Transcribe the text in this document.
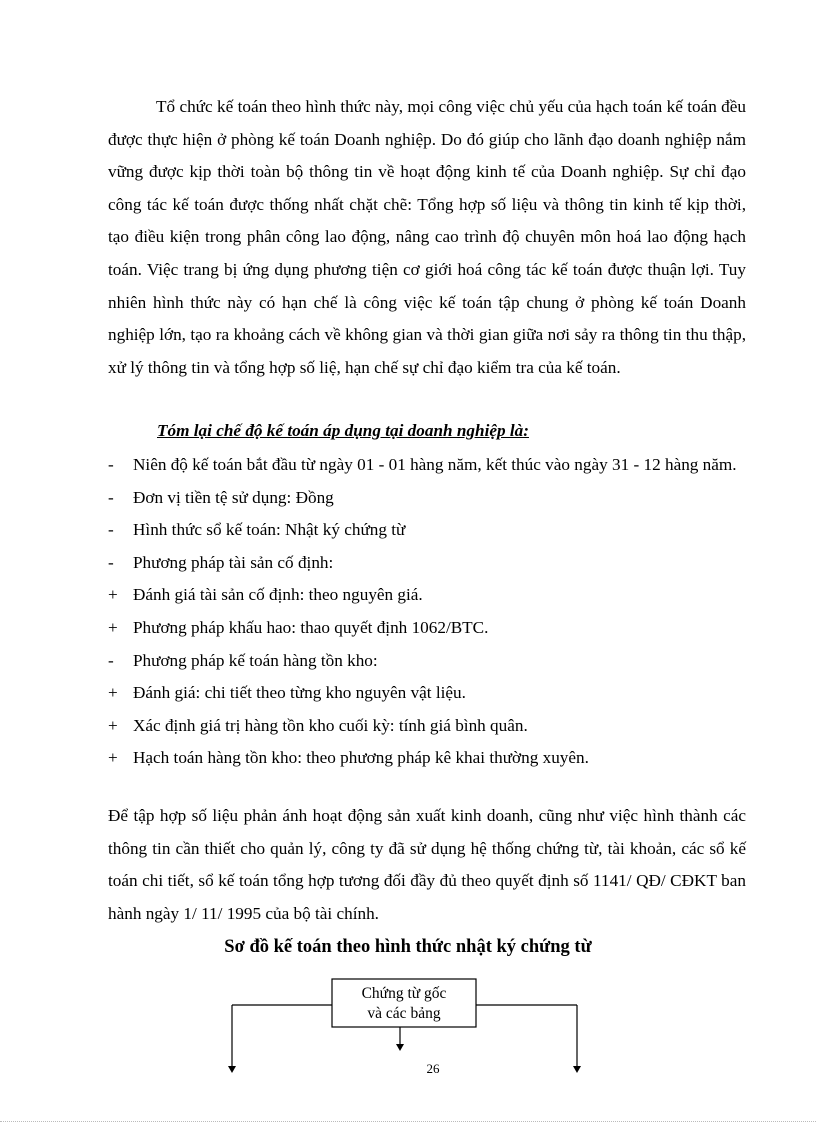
Tổ chức kế toán theo hình thức này, mọi công việc chủ yếu của hạch toán kế toán đều được thực hiện ở phòng kế toán Doanh nghiệp. Do đó giúp cho lãnh đạo doanh nghiệp nắm vững được kịp thời toàn bộ thông tin về hoạt động kinh tế của Doanh nghiệp. Sự chỉ đạo công tác kế toán được thống nhất chặt chẽ: Tổng hợp số liệu và thông tin kinh tế kịp thời, tạo điều kiện trong phân công lao động, nâng cao trình độ chuyên môn hoá lao động hạch toán. Việc trang bị ứng dụng phương tiện cơ giới hoá công tác kế toán được thuận lợi. Tuy nhiên hình thức này có hạn chế là công việc kế toán tập chung ở phòng kế toán Doanh nghiệp lớn, tạo ra khoảng cách về không gian và thời gian giữa nơi sảy ra thông tin thu thập, xử lý thông tin và tổng hợp số liệ, hạn chế sự chỉ đạo kiểm tra của kế toán.
Tóm lại chế độ kế toán áp dụng tại doanh nghiệp là:
-	Niên độ kế toán bắt đầu từ ngày 01 - 01 hàng năm, kết thúc vào ngày 31 - 12 hàng năm.
-	Đơn vị tiền tệ sử dụng: Đồng
-	Hình thức sổ kế toán: Nhật ký chứng từ
-	Phương pháp tài sản cố định:
+ Đánh giá tài sản cố định: theo nguyên giá.
+ Phương pháp khấu hao: thao quyết định 1062/BTC.
-	Phương pháp kế toán hàng tồn kho:
+ Đánh giá: chi tiết theo từng kho nguyên vật liệu.
+ Xác định giá trị hàng tồn kho cuối kỳ: tính giá bình quân.
+ Hạch toán hàng tồn kho: theo phương pháp kê khai thường xuyên.
Để tập hợp số liệu phản ánh hoạt động sản xuất kinh doanh, cũng như việc hình thành các thông tin cần thiết cho quản lý, công ty đã sử dụng hệ thống chứng từ, tài khoản, các sổ kế toán chi tiết, sổ kế toán tổng hợp tương đối đầy đủ theo quyết định số 1141/ QĐ/ CĐKT ban hành ngày 1/ 11/ 1995 của bộ tài chính.
Sơ đồ kế toán theo hình thức nhật ký chứng từ
Chứng từ gốc
và các bảng
26
